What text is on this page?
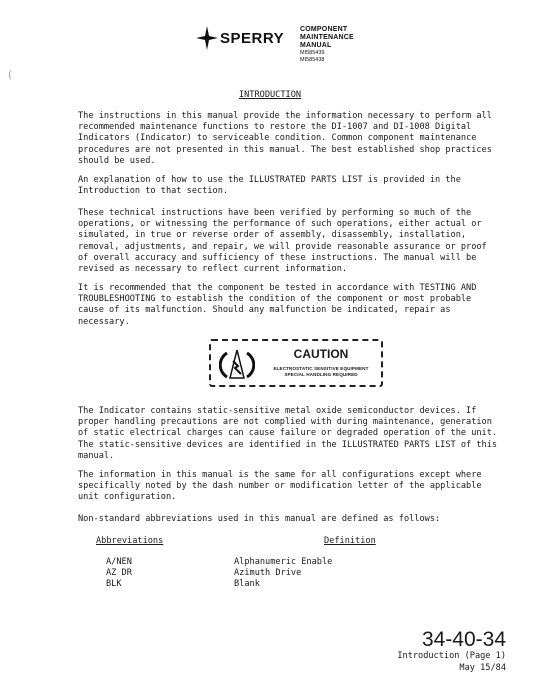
SPERRY
COMPONENT
MAINTENANCE
MANUAL
MI585439
MI585438
(
INTRODUCTION

The instructions in this manual provide the information necessary to perform all
recommended maintenance functions to restore the DI-1007 and DI-1008 Digital
Indicators (Indicator) to serviceable condition. Common component maintenance
procedures are not presented in this manual. The best established shop practices
should be used.

An explanation of how to use the ILLUSTRATED PARTS LIST is provided in the
Introduction to that section.

These technical instructions have been verified by performing so much of the
operations, or witnessing the performance of such operations, either actual or
simulated, in true or reverse order of assembly, disassembly, installation,
removal, adjustments, and repair, we will provide reasonable assurance or proof
of overall accuracy and sufficiency of these instructions. The manual will be
revised as necessary to reflect current information.

It is recommended that the component be tested in accordance with TESTING AND
TROUBLESHOOTING to establish the condition of the component or most probable
cause of its malfunction. Should any malfunction be indicated, repair as
necessary.

CAUTION
ELECTROSTATIC SENSITIVE EQUIPMENT
SPECIAL HANDLING REQUIRED

The Indicator contains static-sensitive metal oxide semiconductor devices. If
proper handling precautions are not complied with during maintenance, generation
of static electrical charges can cause failure or degraded operation of the unit.
The static-sensitive devices are identified in the ILLUSTRATED PARTS LIST of this
manual.

The information in this manual is the same for all configurations except where
specifically noted by the dash number or modification letter of the applicable
unit configuration.

Non-standard abbreviations used in this manual are defined as follows:

Abbreviations	Definition
A/NEN	Alphanumeric Enable
AZ DR	Azimuth Drive
BLK	Blank
34-40-34
Introduction (Page 1)
May 15/84
